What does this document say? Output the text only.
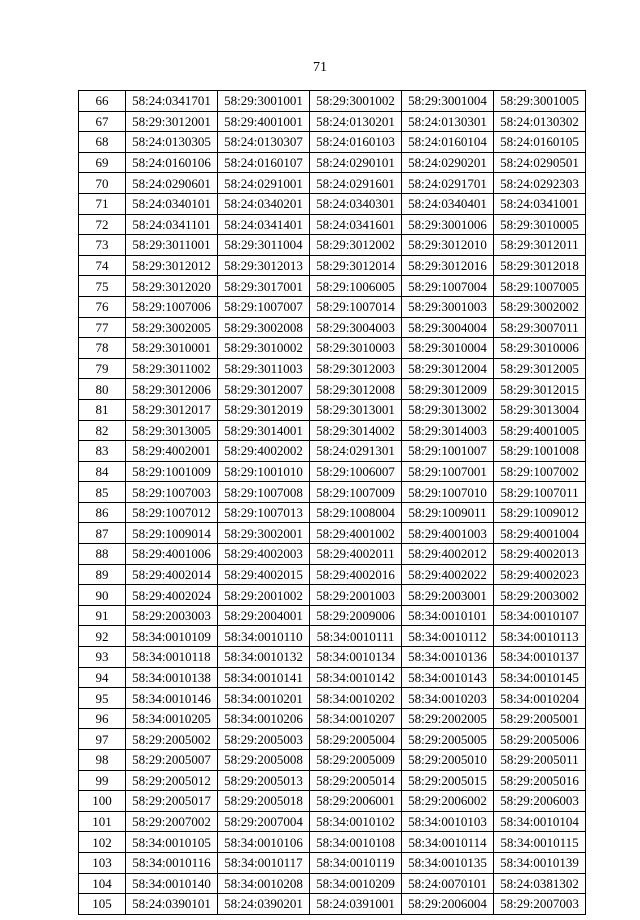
71
66	58:24:0341701	58:29:3001001	58:29:3001002	58:29:3001004	58:29:3001005
67	58:29:3012001	58:29:4001001	58:24:0130201	58:24:0130301	58:24:0130302
68	58:24:0130305	58:24:0130307	58:24:0160103	58:24:0160104	58:24:0160105
69	58:24:0160106	58:24:0160107	58:24:0290101	58:24:0290201	58:24:0290501
70	58:24:0290601	58:24:0291001	58:24:0291601	58:24:0291701	58:24:0292303
71	58:24:0340101	58:24:0340201	58:24:0340301	58:24:0340401	58:24:0341001
72	58:24:0341101	58:24:0341401	58:24:0341601	58:29:3001006	58:29:3010005
73	58:29:3011001	58:29:3011004	58:29:3012002	58:29:3012010	58:29:3012011
74	58:29:3012012	58:29:3012013	58:29:3012014	58:29:3012016	58:29:3012018
75	58:29:3012020	58:29:3017001	58:29:1006005	58:29:1007004	58:29:1007005
76	58:29:1007006	58:29:1007007	58:29:1007014	58:29:3001003	58:29:3002002
77	58:29:3002005	58:29:3002008	58:29:3004003	58:29:3004004	58:29:3007011
78	58:29:3010001	58:29:3010002	58:29:3010003	58:29:3010004	58:29:3010006
79	58:29:3011002	58:29:3011003	58:29:3012003	58:29:3012004	58:29:3012005
80	58:29:3012006	58:29:3012007	58:29:3012008	58:29:3012009	58:29:3012015
81	58:29:3012017	58:29:3012019	58:29:3013001	58:29:3013002	58:29:3013004
82	58:29:3013005	58:29:3014001	58:29:3014002	58:29:3014003	58:29:4001005
83	58:29:4002001	58:29:4002002	58:24:0291301	58:29:1001007	58:29:1001008
84	58:29:1001009	58:29:1001010	58:29:1006007	58:29:1007001	58:29:1007002
85	58:29:1007003	58:29:1007008	58:29:1007009	58:29:1007010	58:29:1007011
86	58:29:1007012	58:29:1007013	58:29:1008004	58:29:1009011	58:29:1009012
87	58:29:1009014	58:29:3002001	58:29:4001002	58:29:4001003	58:29:4001004
88	58:29:4001006	58:29:4002003	58:29:4002011	58:29:4002012	58:29:4002013
89	58:29:4002014	58:29:4002015	58:29:4002016	58:29:4002022	58:29:4002023
90	58:29:4002024	58:29:2001002	58:29:2001003	58:29:2003001	58:29:2003002
91	58:29:2003003	58:29:2004001	58:29:2009006	58:34:0010101	58:34:0010107
92	58:34:0010109	58:34:0010110	58:34:0010111	58:34:0010112	58:34:0010113
93	58:34:0010118	58:34:0010132	58:34:0010134	58:34:0010136	58:34:0010137
94	58:34:0010138	58:34:0010141	58:34:0010142	58:34:0010143	58:34:0010145
95	58:34:0010146	58:34:0010201	58:34:0010202	58:34:0010203	58:34:0010204
96	58:34:0010205	58:34:0010206	58:34:0010207	58:29:2002005	58:29:2005001
97	58:29:2005002	58:29:2005003	58:29:2005004	58:29:2005005	58:29:2005006
98	58:29:2005007	58:29:2005008	58:29:2005009	58:29:2005010	58:29:2005011
99	58:29:2005012	58:29:2005013	58:29:2005014	58:29:2005015	58:29:2005016
100	58:29:2005017	58:29:2005018	58:29:2006001	58:29:2006002	58:29:2006003
101	58:29:2007002	58:29:2007004	58:34:0010102	58:34:0010103	58:34:0010104
102	58:34:0010105	58:34:0010106	58:34:0010108	58:34:0010114	58:34:0010115
103	58:34:0010116	58:34:0010117	58:34:0010119	58:34:0010135	58:34:0010139
104	58:34:0010140	58:34:0010208	58:34:0010209	58:24:0070101	58:24:0381302
105	58:24:0390101	58:24:0390201	58:24:0391001	58:29:2006004	58:29:2007003
